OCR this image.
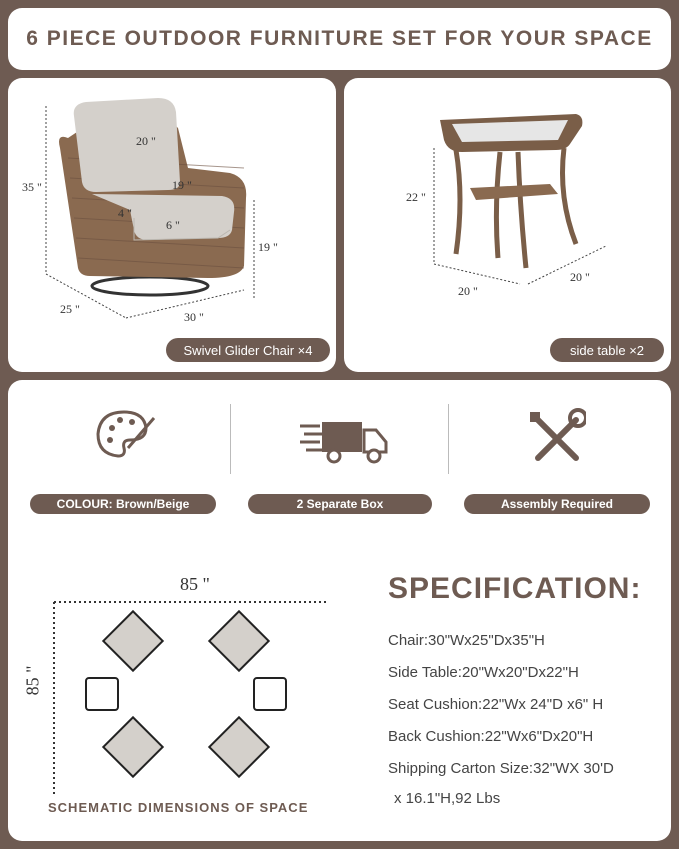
6 PIECE OUTDOOR FURNITURE SET FOR YOUR SPACE
35 "
20 "
19 "
4 "
6 "
19 "
25 "
30 "
Swivel Glider Chair ×4
22 "
20 "
20 "
side table ×2
COLOUR: Brown/Beige	2 Separate Box	Assembly Required
85 "
85 "
SCHEMATIC DIMENSIONS OF SPACE
SPECIFICATION:
Chair:30"Wx25"Dx35"H
Side Table:20"Wx20"Dx22"H
Seat Cushion:22"Wx 24"D x6" H
Back Cushion:22"Wx6"Dx20"H
Shipping Carton Size:32"WX 30'D
x 16.1"H,92 Lbs
